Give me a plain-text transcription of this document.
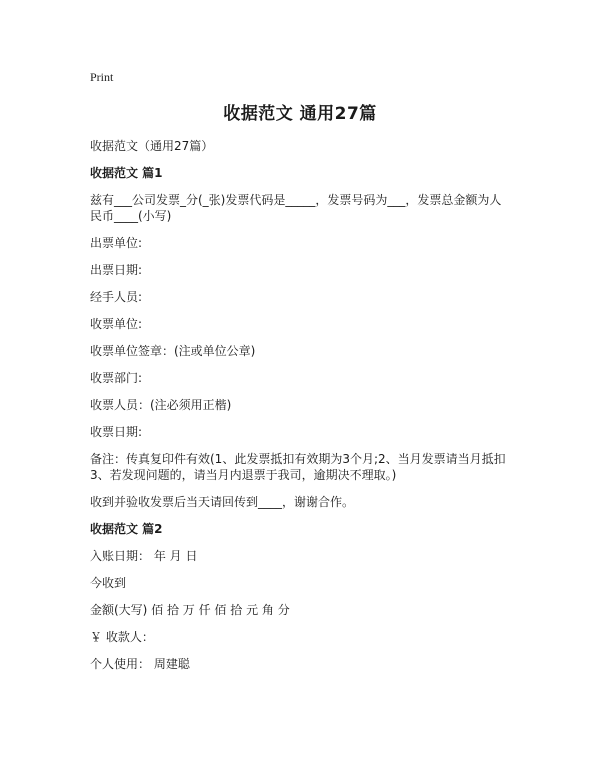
Print
收据范文 通用27篇
收据范文（通用27篇）
收据范文 篇1
兹有___公司发票_分(_张)发票代码是_____，发票号码为___，发票总金额为人民币____(小写)
出票单位:
出票日期:
经手人员:
收票单位:
收票单位签章：(注或单位公章)
收票部门:
收票人员：(注必须用正楷)
收票日期:
备注：传真复印件有效(1、此发票抵扣有效期为3个月;2、当月发票请当月抵扣3、若发现问题的，请当月内退票于我司，逾期决不理取。)
收到并验收发票后当天请回传到____，谢谢合作。
收据范文 篇2
入账日期： 年 月 日
今收到
金额(大写) 佰 拾 万 仟 佰 拾 元 角 分
￥ 收款人：
个人使用： 周建聪
